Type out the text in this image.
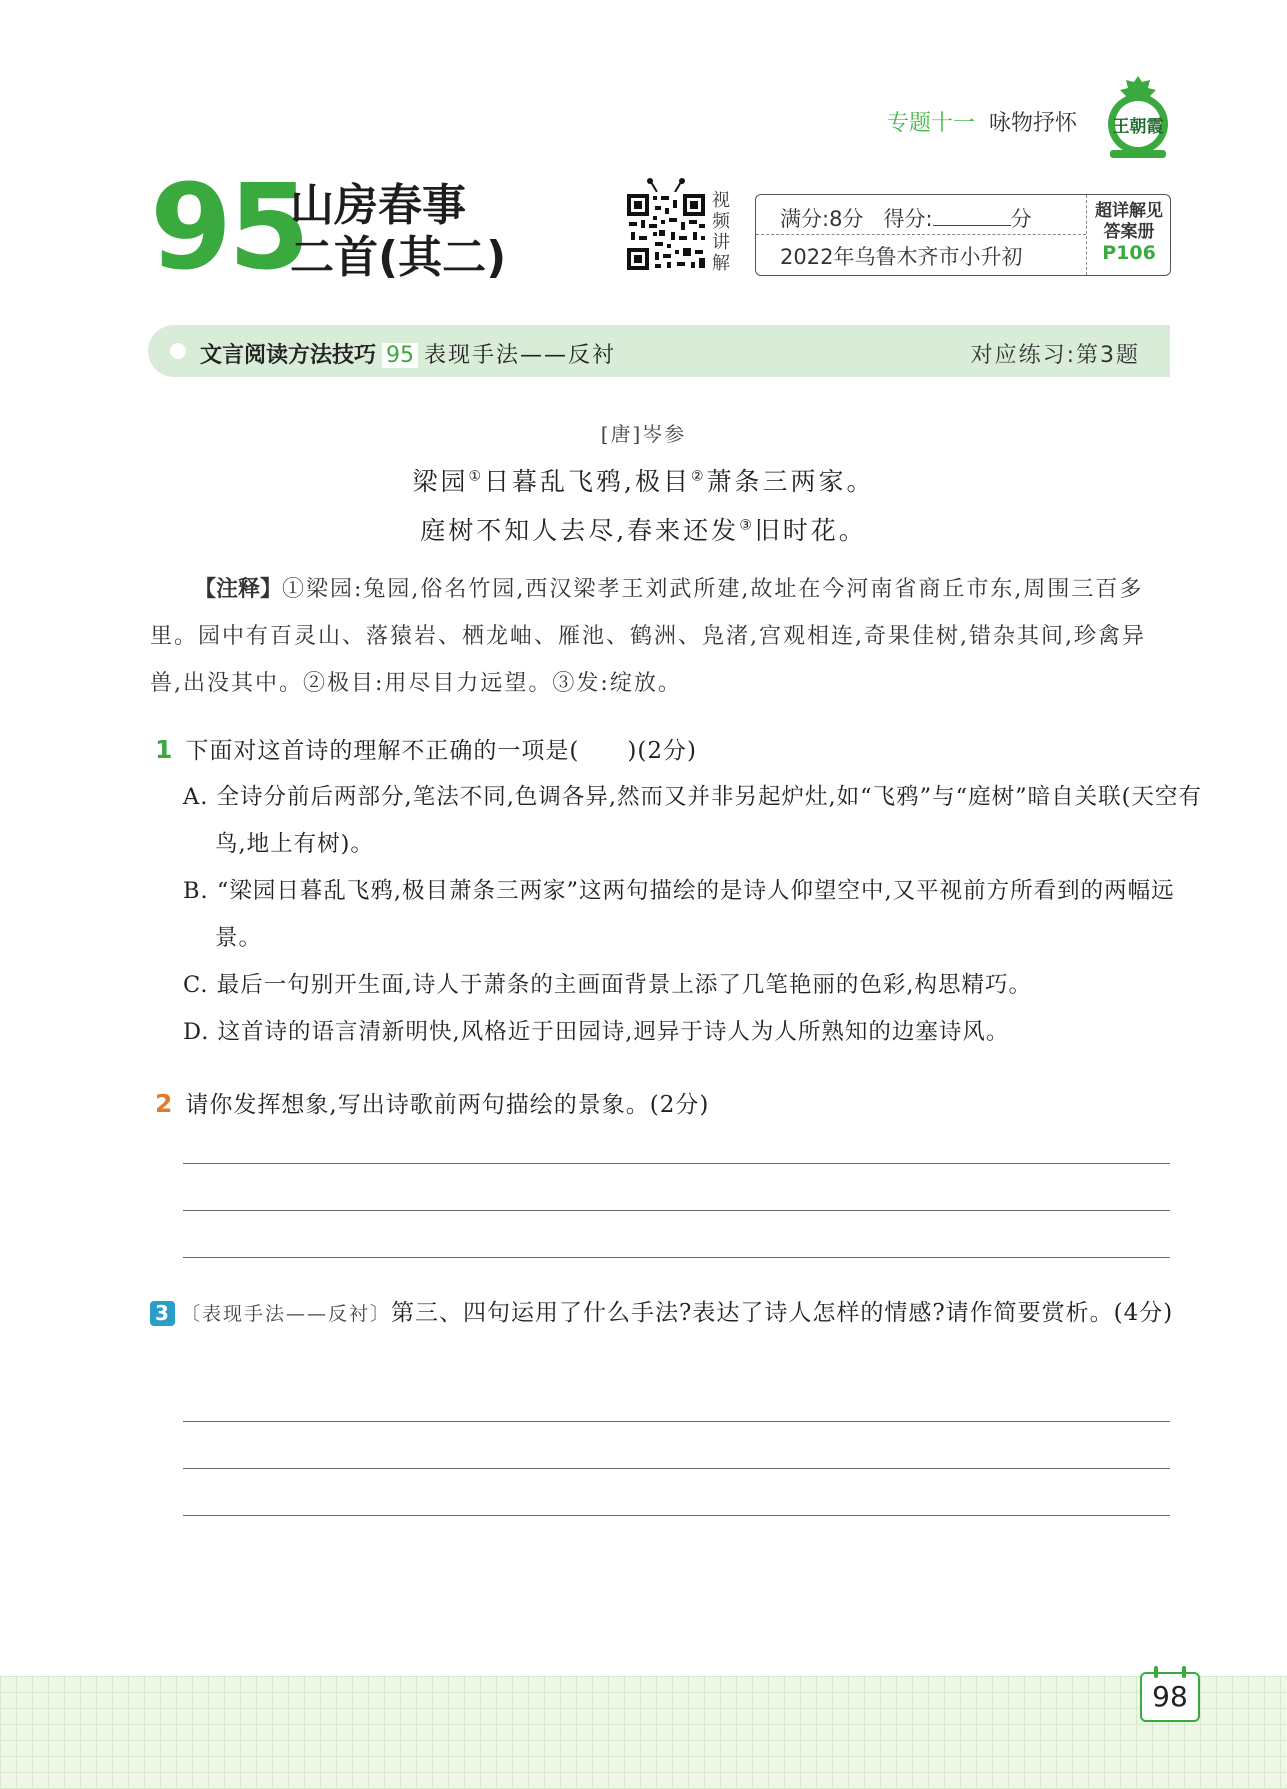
专题十一 咏物抒怀 王朝霞
95
山房春事
二首(其二)
视频讲解
满分:8分 得分:	分
2022年乌鲁木齐市小升初
超详解见
答案册
P106
文言阅读方法技巧 95 表现手法——反衬	对应练习:第3题
[唐]岑参
梁园①日暮乱飞鸦,极目②萧条三两家。
庭树不知人去尽,春来还发③旧时花。

【注释】①梁园:兔园,俗名竹园,西汉梁孝王刘武所建,故址在今河南省商丘市东,周围三百多里。园中有百灵山、落猿岩、栖龙岫、雁池、鹤洲、凫渚,宫观相连,奇果佳树,错杂其间,珍禽异兽,出没其中。②极目:用尽目力远望。③发:绽放。

1 下面对这首诗的理解不正确的一项是(　　)(2分)

A. 全诗分前后两部分,笔法不同,色调各异,然而又并非另起炉灶,如“飞鸦”与“庭树”暗自关联(天空有鸟,地上有树)。

B. “梁园日暮乱飞鸦,极目萧条三两家”这两句描绘的是诗人仰望空中,又平视前方所看到的两幅远景。

C. 最后一句别开生面,诗人于萧条的主画面背景上添了几笔艳丽的色彩,构思精巧。

D. 这首诗的语言清新明快,风格近于田园诗,迥异于诗人为人所熟知的边塞诗风。

2 请你发挥想象,写出诗歌前两句描绘的景象。(2分)

3 〔表现手法——反衬〕第三、四句运用了什么手法?表达了诗人怎样的情感?请作简要赏析。(4分)

98
